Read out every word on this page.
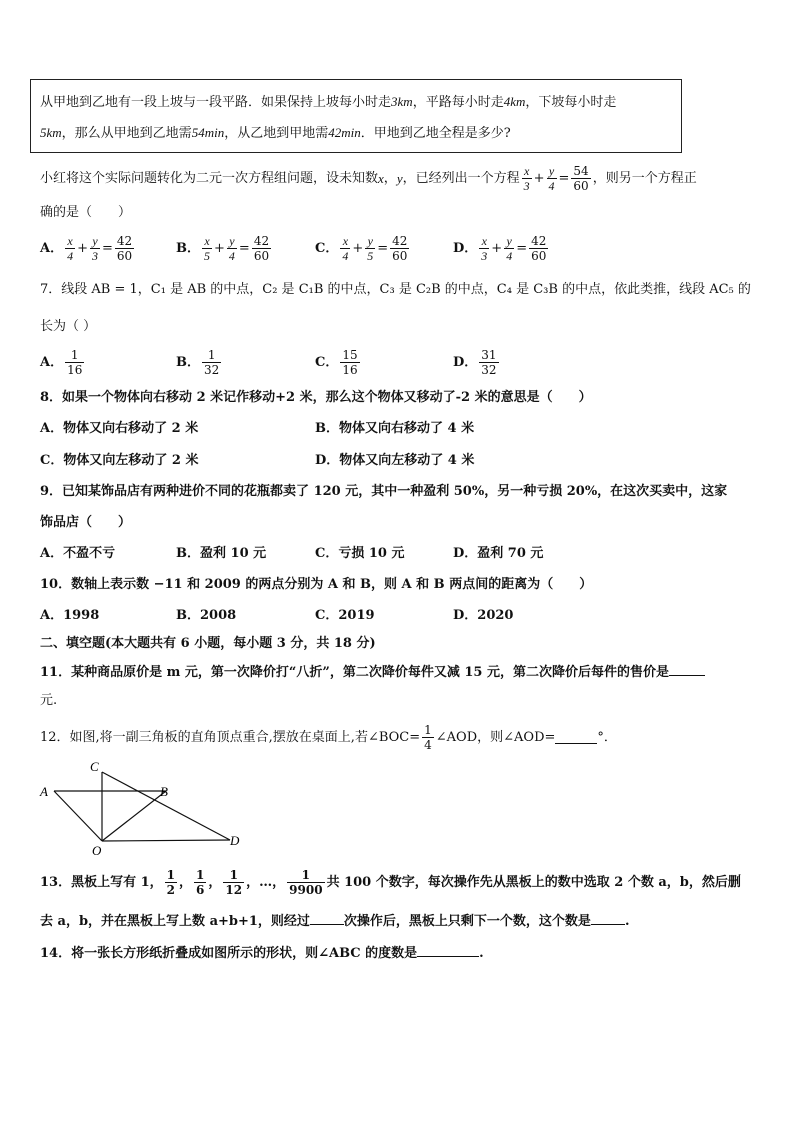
从甲地到乙地有一段上坡与一段平路．如果保持上坡每小时走3km，平路每小时走4km，下坡每小时走
5km，那么从甲地到乙地需54min，从乙地到甲地需42min．甲地到乙地全程是多少?
小红将这个实际问题转化为二元一次方程组问题，设未知数 x ， y ，已经列出一个方程 $\frac{x}{3} + \frac{y}{4} = \frac{54}{60}$ ，则另一个方程正
确的是（　　）
A． $\frac{x}{4} + \frac{y}{3} = \frac{42}{60}$	B． $\frac{x}{5} + \frac{y}{4} = \frac{42}{60}$	C． $\frac{x}{4} + \frac{y}{5} = \frac{42}{60}$	D． $\frac{x}{3} + \frac{y}{4} = \frac{42}{60}$
7．线段 AB = 1，C₁ 是 AB 的中点，C₂ 是 C₁B 的中点，C₃ 是 C₂B 的中点，C₄ 是 C₃B 的中点，依此类推，线段 AC₅ 的
长为（ ）
A． $\frac{1}{16}$	B． $\frac{1}{32}$	C． $\frac{15}{16}$	D． $\frac{31}{32}$
8．如果一个物体向右移动 2 米记作移动+2 米，那么这个物体又移动了-2 米的意思是（　　）
A．物体又向右移动了 2 米	B．物体又向右移动了 4 米
C．物体又向左移动了 2 米	D．物体又向左移动了 4 米
9．已知某饰品店有两种进价不同的花瓶都卖了 120 元，其中一种盈利 50%，另一种亏损 20%，在这次买卖中，这家
饰品店（　　）
A．不盈不亏	B．盈利 10 元	C．亏损 10 元	D．盈利 70 元
10．数轴上表示数 −11 和 2009 的两点分别为 A 和 B，则 A 和 B 两点间的距离为（　　）
A．1998	B．2008	C．2019	D．2020
二、填空题(本大题共有 6 小题，每小题 3 分，共 18 分)
11．某种商品原价是 m 元，第一次降价打“八折”，第二次降价每件又减 15 元，第二次降价后每件的售价是
元.
12．如图,将一副三角板的直角顶点重合,摆放在桌面上,若∠BOC= $\frac{1}{4}$ ∠AOD，则∠AOD=	°．
A	B
C
D
O
13．黑板上写有 1， $\frac{1}{2}$ ， $\frac{1}{6}$ ， $\frac{1}{12}$ ， …， $\frac{1}{9900}$ 共 100 个数字，每次操作先从黑板上的数中选取 2 个数 a，b，然后删
去 a，b，并在黑板上写上数 a+b+1，则经过	次操作后，黑板上只剩下一个数，这个数是	.
14．将一张长方形纸折叠成如图所示的形状，则∠ABC 的度数是	.
